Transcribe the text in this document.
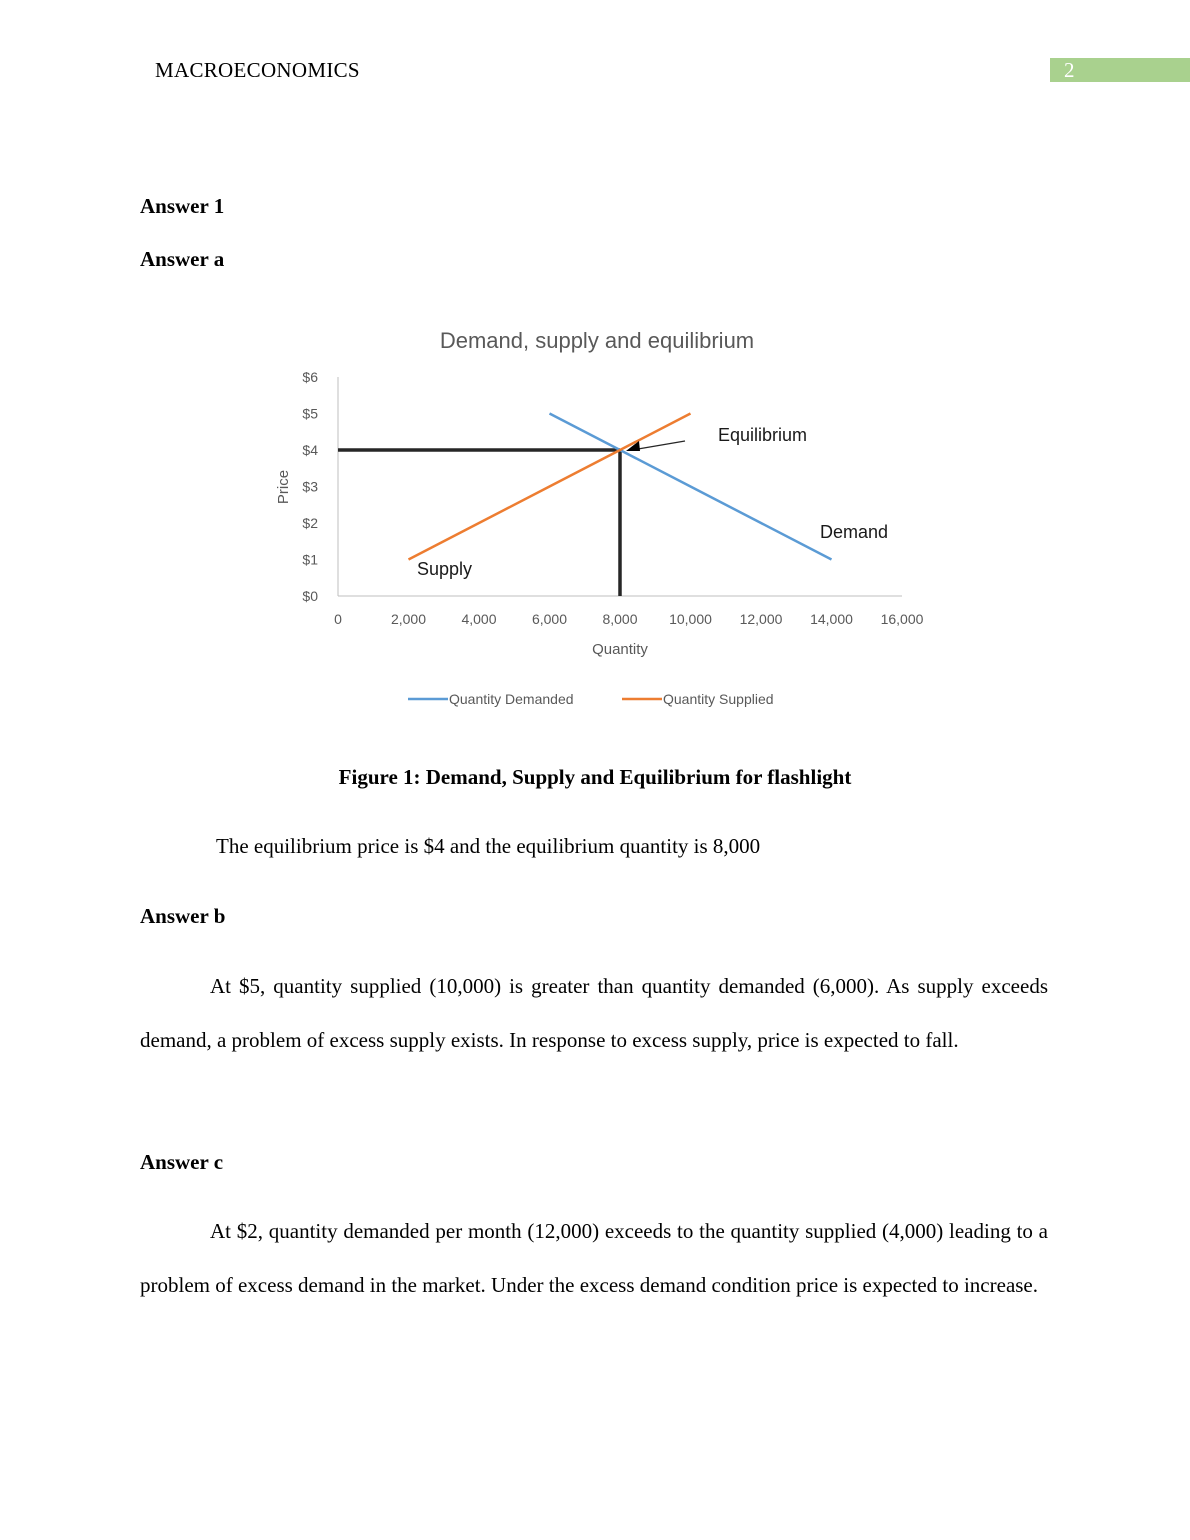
MACROECONOMICS	2
Answer 1
Answer a
Demand, supply and equilibrium
0	2,000	4,000	6,000	8,000 10,000 12,000 14,000 16,000
$0
$1
$2
$3
$4
$5
$6
Quantity
Price
Equilibrium
Demand
Supply
Quantity Demanded	Quantity Supplied
Figure 1: Demand, Supply and Equilibrium for flashlight
The equilibrium price is $4 and the equilibrium quantity is 8,000
Answer b
At $5, quantity supplied (10,000) is greater than quantity demanded (6,000). As supply exceeds demand, a problem of excess supply exists. In response to excess supply, price is expected to fall.
Answer c
At $2, quantity demanded per month (12,000) exceeds to the quantity supplied (4,000) leading to a problem of excess demand in the market. Under the excess demand condition price is expected to increase.
